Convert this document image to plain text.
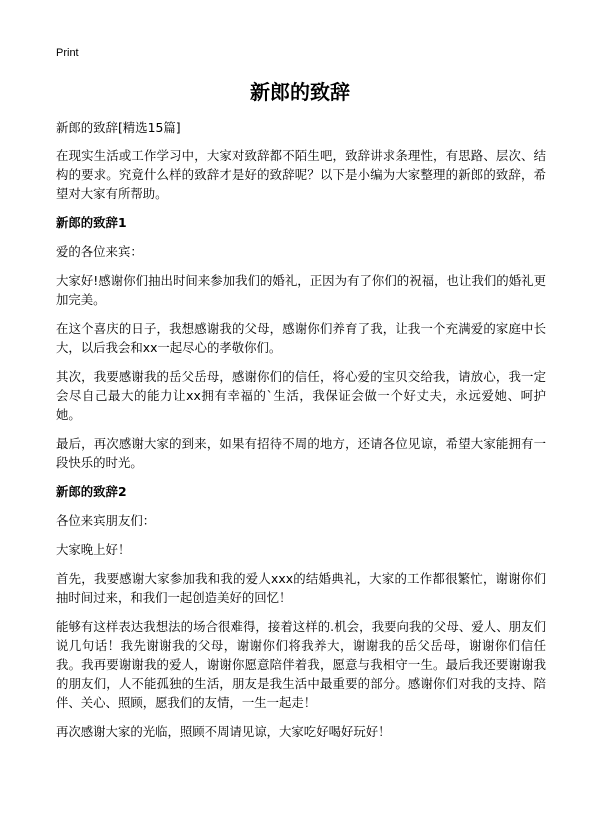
Print
新郎的致辞
新郎的致辞[精选15篇]

在现实生活或工作学习中，大家对致辞都不陌生吧，致辞讲求条理性，有思路、层次、结构的要求。究竟什么样的致辞才是好的致辞呢？以下是小编为大家整理的新郎的致辞，希望对大家有所帮助。

新郎的致辞1

爱的各位来宾：

大家好!感谢你们抽出时间来参加我们的婚礼，正因为有了你们的祝福，也让我们的婚礼更加完美。

在这个喜庆的日子，我想感谢我的父母，感谢你们养育了我，让我一个充满爱的家庭中长大，以后我会和xx一起尽心的孝敬你们。

其次，我要感谢我的岳父岳母，感谢你们的信任，将心爱的宝贝交给我，请放心，我一定会尽自己最大的能力让xx拥有幸福的`生活，我保证会做一个好丈夫，永远爱她、呵护她。

最后，再次感谢大家的到来，如果有招待不周的地方，还请各位见谅，希望大家能拥有一段快乐的时光。

新郎的致辞2

各位来宾朋友们：

大家晚上好！

首先，我要感谢大家参加我和我的爱人xxx的结婚典礼，大家的工作都很繁忙，谢谢你们抽时间过来，和我们一起创造美好的回忆！

能够有这样表达我想法的场合很难得，接着这样的.机会，我要向我的父母、爱人、朋友们说几句话！我先谢谢我的父母，谢谢你们将我养大，谢谢我的岳父岳母，谢谢你们信任我。我再要谢谢我的爱人，谢谢你愿意陪伴着我，愿意与我相守一生。最后我还要谢谢我的朋友们，人不能孤独的生活，朋友是我生活中最重要的部分。感谢你们对我的支持、陪伴、关心、照顾，愿我们的友情，一生一起走！

再次感谢大家的光临，照顾不周请见谅，大家吃好喝好玩好！
